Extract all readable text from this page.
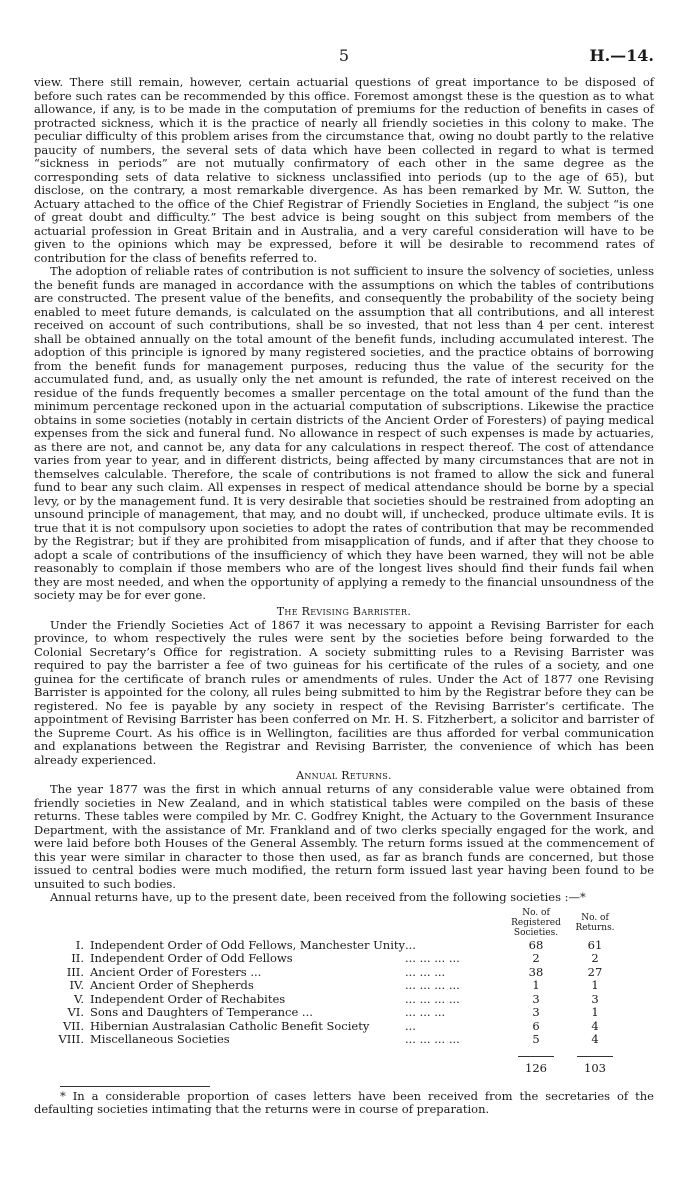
5	H.—14.

view. There still remain, however, certain actuarial questions of great importance to be disposed of before such rates can be recommended by this office. Foremost amongst these is the question as to what allowance, if any, is to be made in the computation of premiums for the reduction of benefits in cases of protracted sickness, which it is the practice of nearly all friendly societies in this colony to make. The peculiar difficulty of this problem arises from the circumstance that, owing no doubt partly to the relative paucity of numbers, the several sets of data which have been collected in regard to what is termed “sickness in periods” are not mutually confirmatory of each other in the same degree as the corresponding sets of data relative to sickness unclassified into periods (up to the age of 65), but disclose, on the contrary, a most remarkable divergence. As has been remarked by Mr. W. Sutton, the Actuary attached to the office of the Chief Registrar of Friendly Societies in England, the subject “is one of great doubt and difficulty.” The best advice is being sought on this subject from members of the actuarial profession in Great Britain and in Australia, and a very careful consideration will have to be given to the opinions which may be expressed, before it will be desirable to recommend rates of contribution for the class of benefits referred to.

The adoption of reliable rates of contribution is not sufficient to insure the solvency of societies, unless the benefit funds are managed in accordance with the assumptions on which the tables of contributions are constructed. The present value of the benefits, and consequently the probability of the society being enabled to meet future demands, is calculated on the assumption that all contributions, and all interest received on account of such contributions, shall be so invested, that not less than 4 per cent. interest shall be obtained annually on the total amount of the benefit funds, including accumulated interest. The adoption of this principle is ignored by many registered societies, and the practice obtains of borrowing from the benefit funds for management purposes, reducing thus the value of the security for the accumulated fund, and, as usually only the net amount is refunded, the rate of interest received on the residue of the funds frequently becomes a smaller percentage on the total amount of the fund than the minimum percentage reckoned upon in the actuarial computation of subscriptions. Likewise the practice obtains in some societies (notably in certain districts of the Ancient Order of Foresters) of paying medical expenses from the sick and funeral fund. No allowance in respect of such expenses is made by actuaries, as there are not, and cannot be, any data for any calculations in respect thereof. The cost of attendance varies from year to year, and in different districts, being affected by many circumstances that are not in themselves calculable. Therefore, the scale of contributions is not framed to allow the sick and funeral fund to bear any such claim. All expenses in respect of medical attendance should be borne by a special levy, or by the management fund. It is very desirable that societies should be restrained from adopting an unsound principle of management, that may, and no doubt will, if unchecked, produce ultimate evils. It is true that it is not compulsory upon societies to adopt the rates of contribution that may be recommended by the Registrar; but if they are prohibited from misapplication of funds, and if after that they choose to adopt a scale of contributions of the insufficiency of which they have been warned, they will not be able reasonably to complain if those members who are of the longest lives should find their funds fail when they are most needed, and when the opportunity of applying a remedy to the financial unsoundness of the society may be for ever gone.

The Revising Barrister.

Under the Friendly Societies Act of 1867 it was necessary to appoint a Revising Barrister for each province, to whom respectively the rules were sent by the societies before being forwarded to the Colonial Secretary’s Office for registration. A society submitting rules to a Revising Barrister was required to pay the barrister a fee of two guineas for his certificate of the rules of a society, and one guinea for the certificate of branch rules or amendments of rules. Under the Act of 1877 one Revising Barrister is appointed for the colony, all rules being submitted to him by the Registrar before they can be registered. No fee is payable by any society in respect of the Revising Barrister’s certificate. The appointment of Revising Barrister has been conferred on Mr. H. S. Fitzherbert, a solicitor and barrister of the Supreme Court. As his office is in Wellington, facilities are thus afforded for verbal communication and explanations between the Registrar and Revising Barrister, the convenience of which has been already experienced.

Annual Returns.

The year 1877 was the first in which annual returns of any considerable value were obtained from friendly societies in New Zealand, and in which statistical tables were compiled on the basis of these returns. These tables were compiled by Mr. C. Godfrey Knight, the Actuary to the Government Insurance Department, with the assistance of Mr. Frankland and of two clerks specially engaged for the work, and were laid before both Houses of the General Assembly. The return forms issued at the commencement of this year were similar in character to those then used, as far as branch funds are concerned, but those issued to central bodies were much modified, the return form issued last year having been found to be unsuited to such bodies.

Annual returns have, up to the present date, been received from the following societies :—*

			No. of Registered Societies.	No. of Returns.
I.	Independent Order of Odd Fellows, Manchester Unity	...	68	61
II.	Independent Order of Odd Fellows	... ... ... ...	2	2
III.	Ancient Order of Foresters ...	... ... ...	38	27
IV.	Ancient Order of Shepherds	... ... ... ...	1	1
V.	Independent Order of Rechabites	... ... ... ...	3	3
VI.	Sons and Daughters of Temperance ...	... ... ...	3	1
VII.	Hibernian Australasian Catholic Benefit Society	...	6	4
VIII.	Miscellaneous Societies	... ... ... ...	5	4

			126	103

* In a considerable proportion of cases letters have been received from the secretaries of the defaulting societies intimating that the returns were in course of preparation.
